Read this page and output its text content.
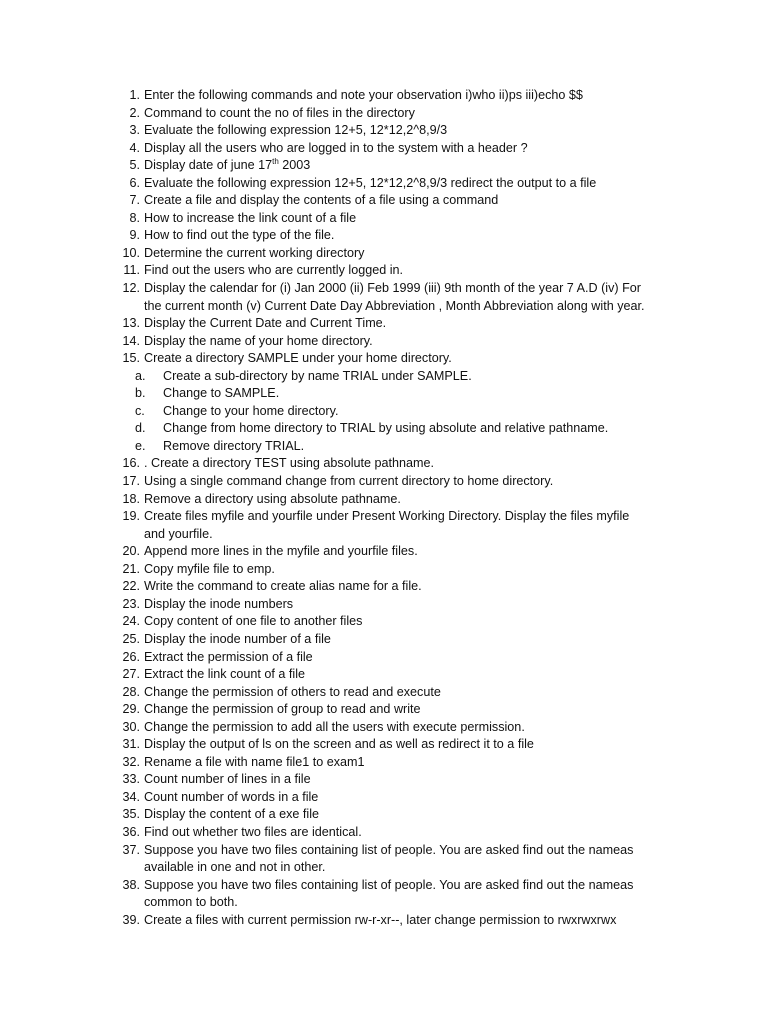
1 . Enter the following commands and note your observation i)who ii)ps iii)echo $$
2 . Command to count the no of files in the directory
3 . Evaluate the following expression 12+5, 12*12,2^8,9/3
4 . Display all the users who are logged in to the system with a header ?
5 . Display date of june 17th 2003
6 . Evaluate the following expression 12+5, 12*12,2^8,9/3 redirect the output to a file
7 . Create a file and display the contents of a file using a command
8 . How to increase the link count of a file
9 . How to find out the type of the file.
10 . Determine the current working directory
11 . Find out the users who are currently logged in.
12 . Display the calendar for (i) Jan 2000 (ii) Feb 1999 (iii) 9th month of the year 7 A.D (iv) For
the current month (v) Current Date Day Abbreviation , Month Abbreviation along with year.
13 . Display the Current Date and Current Time.
14 . Display the name of your home directory.
15 . Create a directory SAMPLE under your home directory.
a . Create a sub-directory by name TRIAL under SAMPLE.
b . Change to SAMPLE.
c . Change to your home directory.
d . Change from home directory to TRIAL by using absolute and relative pathname.
e . Remove directory TRIAL.
16 . . Create a directory TEST using absolute pathname.
17 . Using a single command change from current directory to home directory.
18 . Remove a directory using absolute pathname.
19 . Create files myfile and yourfile under Present Working Directory. Display the files myfile
and yourfile.
20 . Append more lines in the myfile and yourfile files.
21 . Copy myfile file to emp.
22 . Write the command to create alias name for a file.
23 . Display the inode numbers
24 . Copy content of one file to another files
25 . Display the inode number of a file
26 . Extract the permission of a file
27 . Extract the link count of a file
28 . Change the permission of others to read and execute
29 . Change the permission of group to read and write
30 . Change the permission to add all the users with execute permission.
31 . Display the output of ls on the screen and as well as redirect it to a file
32 . Rename a file with name file1 to exam1
33 . Count number of lines in a file
34 . Count number of words in a file
35 . Display the content of a exe file
36 . Find out whether two files are identical.
37 . Suppose you have two files containing list of people. You are asked find out the nameas
available in one and not in other.
38 . Suppose you have two files containing list of people. You are asked find out the nameas
common to both.
39 . Create a files with current permission rw-r-xr--, later change permission to rwxrwxrwx
